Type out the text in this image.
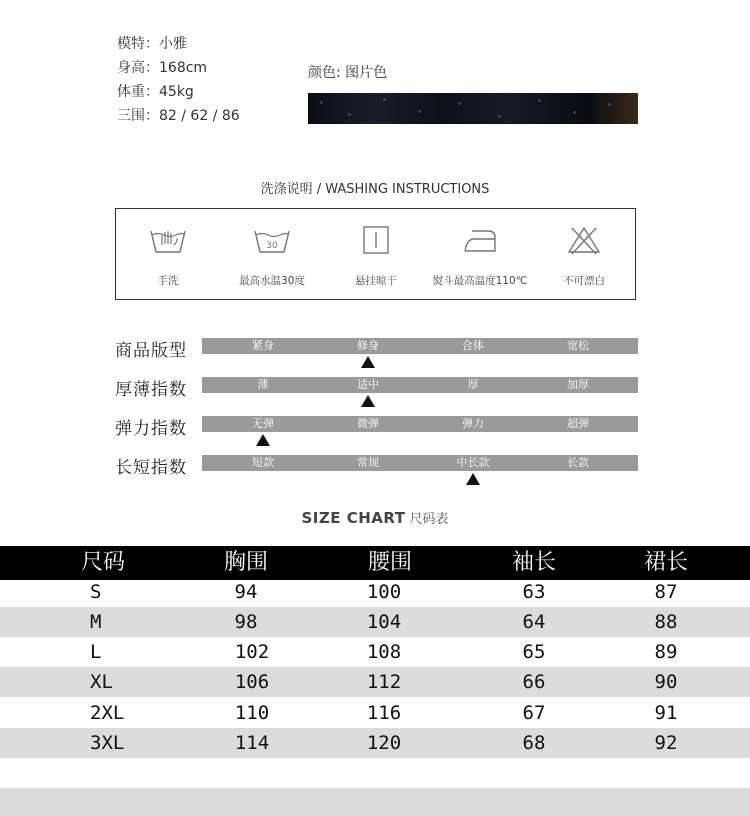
模特：小雅
身高：168cm
体重：45kg
三围：82 / 62 / 86
颜色: 图片色
洗涤说明 / WASHING INSTRUCTIONS
手洗
30
最高水温30度	悬挂晾干	熨斗最高温度110℃	不可漂白
商品版型	紧身	修身	合体	宽松
厚薄指数	薄	适中	厚	加厚
弹力指数	无弹	微弹	弹力	超弹
长短指数	短款	常规	中长款	长款
SIZE CHART 尺码表
尺码	胸围	腰围	袖长	裙长
S	94	100	63	87
M	98	104	64	88
L	102	108	65	89
XL	106	112	66	90
2XL	110	116	67	91
3XL	114	120	68	92
